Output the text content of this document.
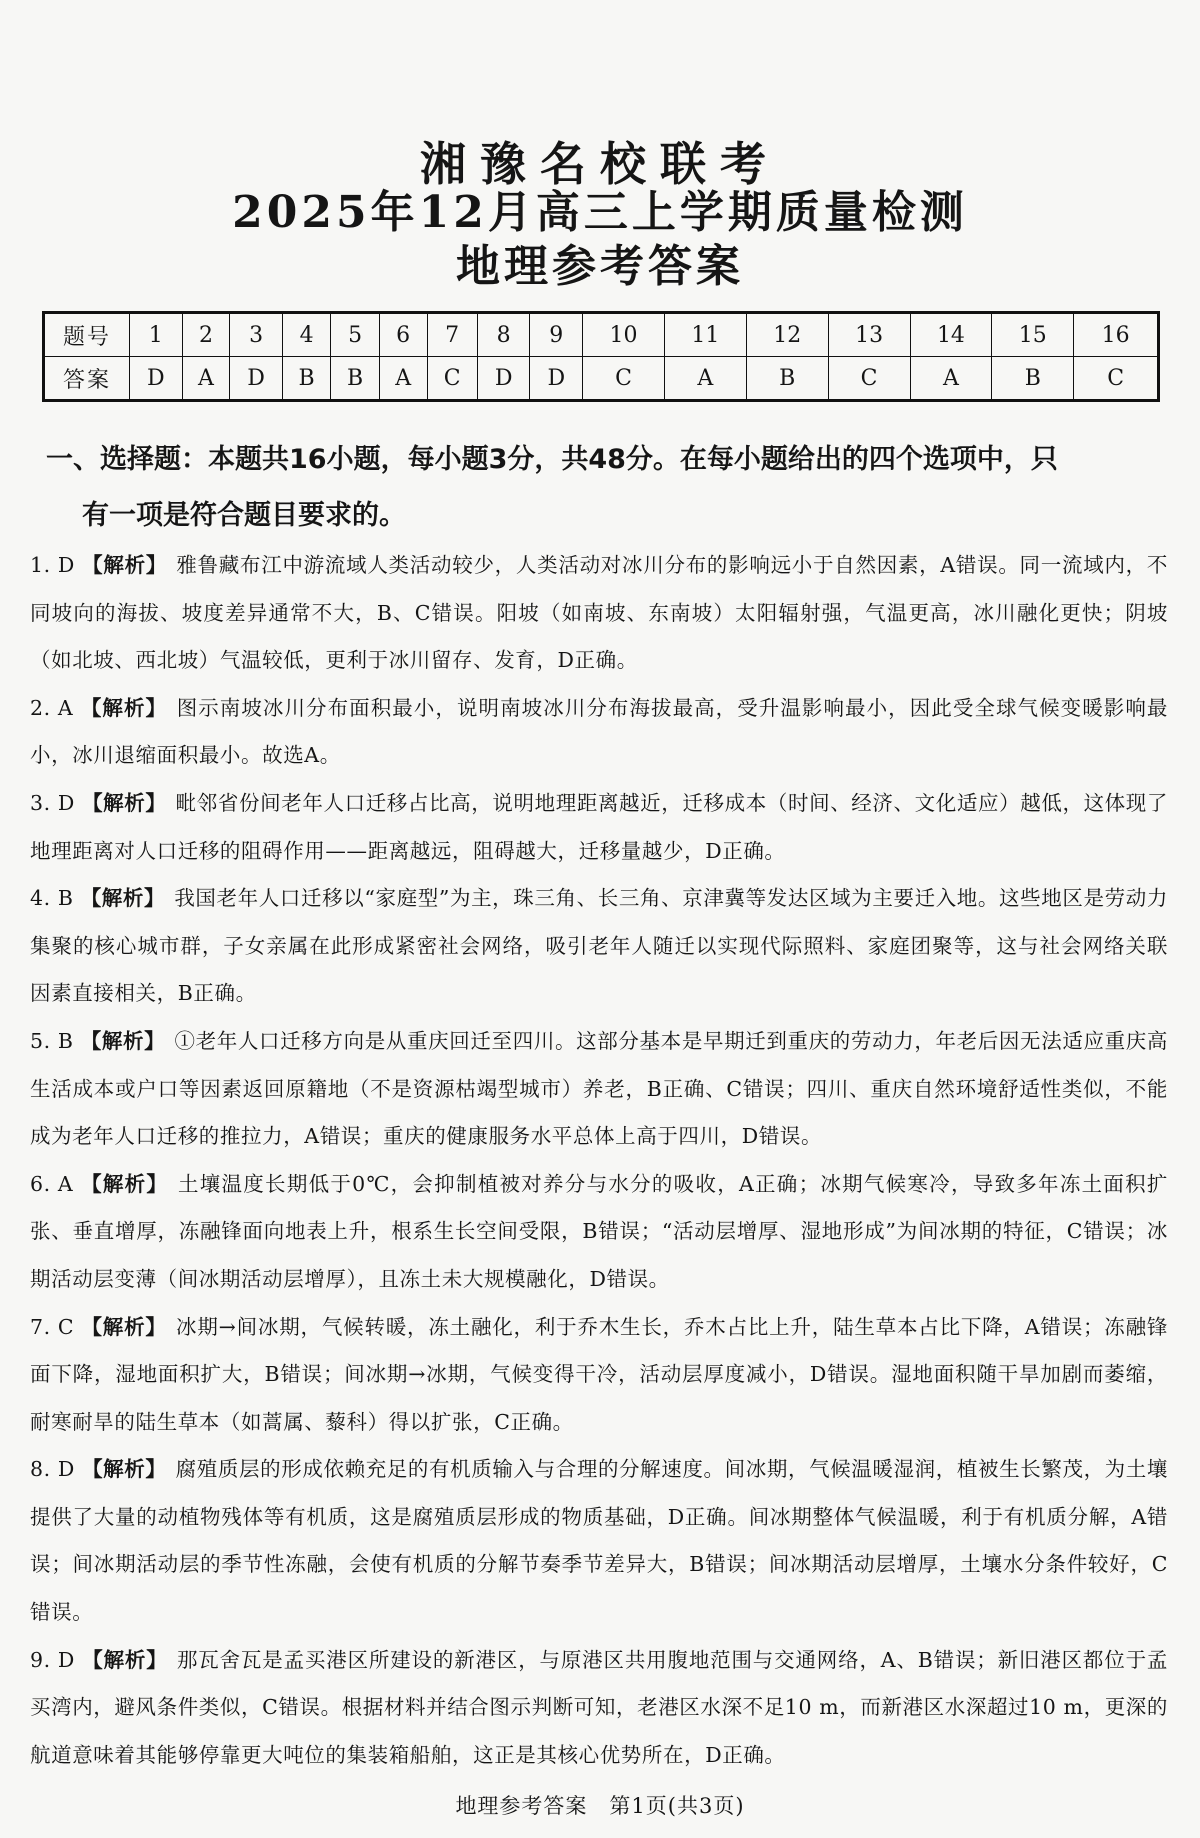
湘豫名校联考
2025年12月高三上学期质量检测
地理参考答案
题号	1	2	3	4	5	6	7	8	9	10	11	12	13	14	15	16
答案	D	A	D	B	B	A	C	D	D	C	A	B	C	A	B	C
一、选择题：本题共16小题，每小题3分，共48分。在每小题给出的四个选项中，只
有一项是符合题目要求的。
1. D 【解析】 雅鲁藏布江中游流域人类活动较少，人类活动对冰川分布的影响远小于自然因素，A错误。同一流域内，不同坡向的海拔、坡度差异通常不大，B、C错误。阳坡（如南坡、东南坡）太阳辐射强，气温更高，冰川融化更快；阴坡（如北坡、西北坡）气温较低，更利于冰川留存、发育，D正确。
2. A 【解析】 图示南坡冰川分布面积最小，说明南坡冰川分布海拔最高，受升温影响最小，因此受全球气候变暖影响最小，冰川退缩面积最小。故选A。
3. D 【解析】 毗邻省份间老年人口迁移占比高，说明地理距离越近，迁移成本（时间、经济、文化适应）越低，这体现了地理距离对人口迁移的阻碍作用——距离越远，阻碍越大，迁移量越少，D正确。
4. B 【解析】 我国老年人口迁移以“家庭型”为主，珠三角、长三角、京津冀等发达区域为主要迁入地。这些地区是劳动力集聚的核心城市群，子女亲属在此形成紧密社会网络，吸引老年人随迁以实现代际照料、家庭团聚等，这与社会网络关联因素直接相关，B正确。
5. B 【解析】 ①老年人口迁移方向是从重庆回迁至四川。这部分基本是早期迁到重庆的劳动力，年老后因无法适应重庆高生活成本或户口等因素返回原籍地（不是资源枯竭型城市）养老，B正确、C错误；四川、重庆自然环境舒适性类似，不能成为老年人口迁移的推拉力，A错误；重庆的健康服务水平总体上高于四川，D错误。
6. A 【解析】 土壤温度长期低于0℃，会抑制植被对养分与水分的吸收，A正确；冰期气候寒冷，导致多年冻土面积扩张、垂直增厚，冻融锋面向地表上升，根系生长空间受限，B错误；“活动层增厚、湿地形成”为间冰期的特征，C错误；冰期活动层变薄（间冰期活动层增厚），且冻土未大规模融化，D错误。
7. C 【解析】 冰期→间冰期，气候转暖，冻土融化，利于乔木生长，乔木占比上升，陆生草本占比下降，A错误；冻融锋面下降，湿地面积扩大，B错误；间冰期→冰期，气候变得干冷，活动层厚度减小，D错误。湿地面积随干旱加剧而萎缩，耐寒耐旱的陆生草本（如蒿属、藜科）得以扩张，C正确。
8. D 【解析】 腐殖质层的形成依赖充足的有机质输入与合理的分解速度。间冰期，气候温暖湿润，植被生长繁茂，为土壤提供了大量的动植物残体等有机质，这是腐殖质层形成的物质基础，D正确。间冰期整体气候温暖，利于有机质分解，A错误；间冰期活动层的季节性冻融，会使有机质的分解节奏季节差异大，B错误；间冰期活动层增厚，土壤水分条件较好，C错误。
9. D 【解析】 那瓦舍瓦是孟买港区所建设的新港区，与原港区共用腹地范围与交通网络，A、B错误；新旧港区都位于孟买湾内，避风条件类似，C错误。根据材料并结合图示判断可知，老港区水深不足10 m，而新港区水深超过10 m，更深的航道意味着其能够停靠更大吨位的集装箱船舶，这正是其核心优势所在，D正确。
地理参考答案　第1页(共3页)
